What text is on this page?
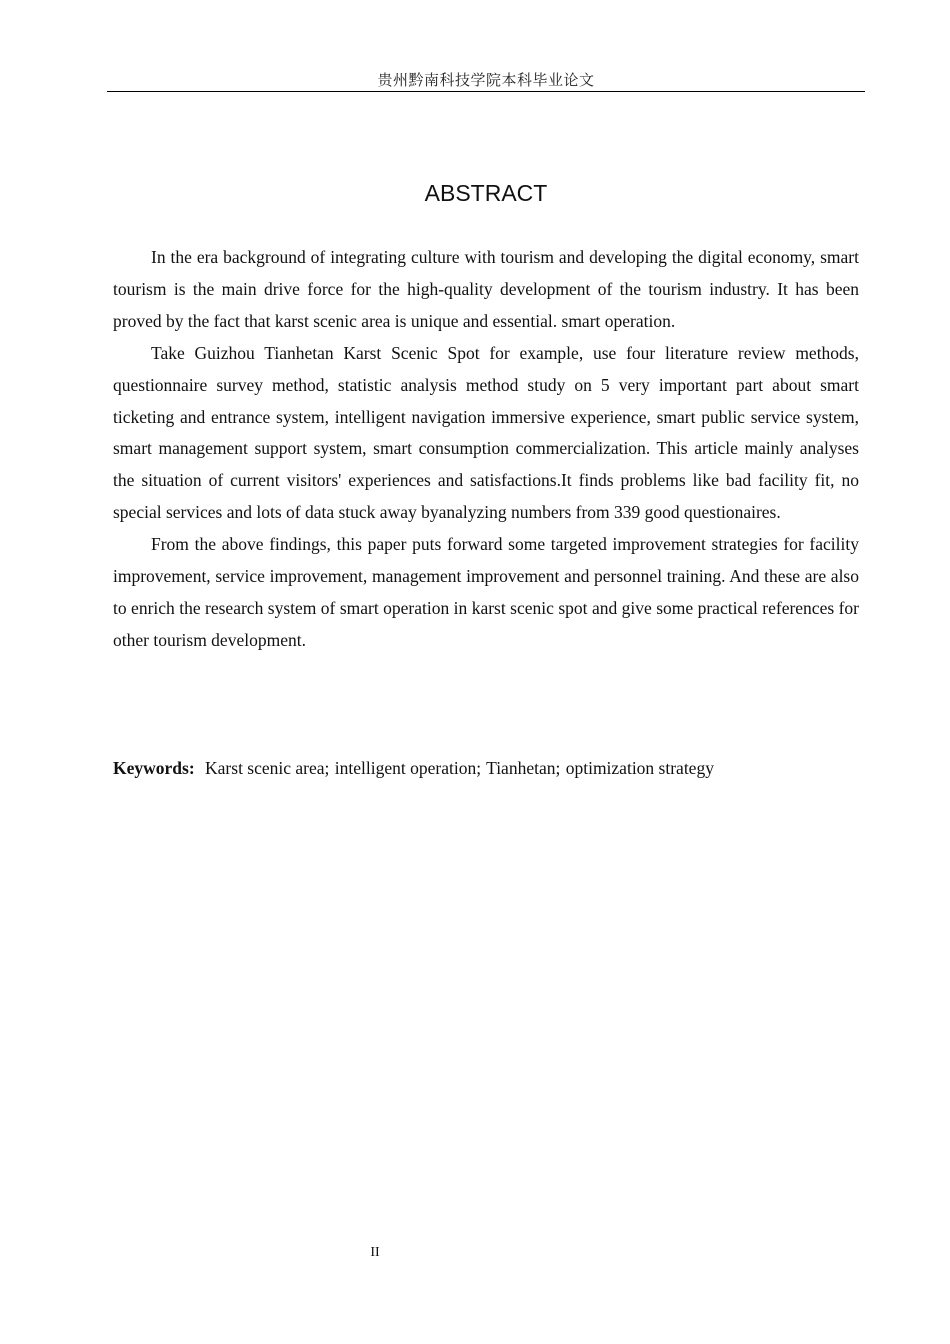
贵州黔南科技学院本科毕业论文
ABSTRACT

In the era background of integrating culture with tourism and developing the digital economy, smart tourism is the main drive force for the high-quality development of the tourism industry. It has been proved by the fact that karst scenic area is unique and essential. smart operation.

Take Guizhou Tianhetan Karst Scenic Spot for example, use four literature review methods, questionnaire survey method, statistic analysis method study on 5 very important part about smart ticketing and entrance system, intelligent navigation immersive experience, smart public service system, smart management support system, smart consumption commercialization. This article mainly analyses the situation of current visitors' experiences and satisfactions.It finds problems like bad facility fit, no special services and lots of data stuck away byanalyzing numbers from 339 good questionaires.

From the above findings, this paper puts forward some targeted improvement strategies for facility improvement, service improvement, management improvement and personnel training. And these are also to enrich the research system of smart operation in karst scenic spot and give some practical references for other tourism development.

Keywords: Karst scenic area; intelligent operation; Tianhetan; optimization strategy
II
